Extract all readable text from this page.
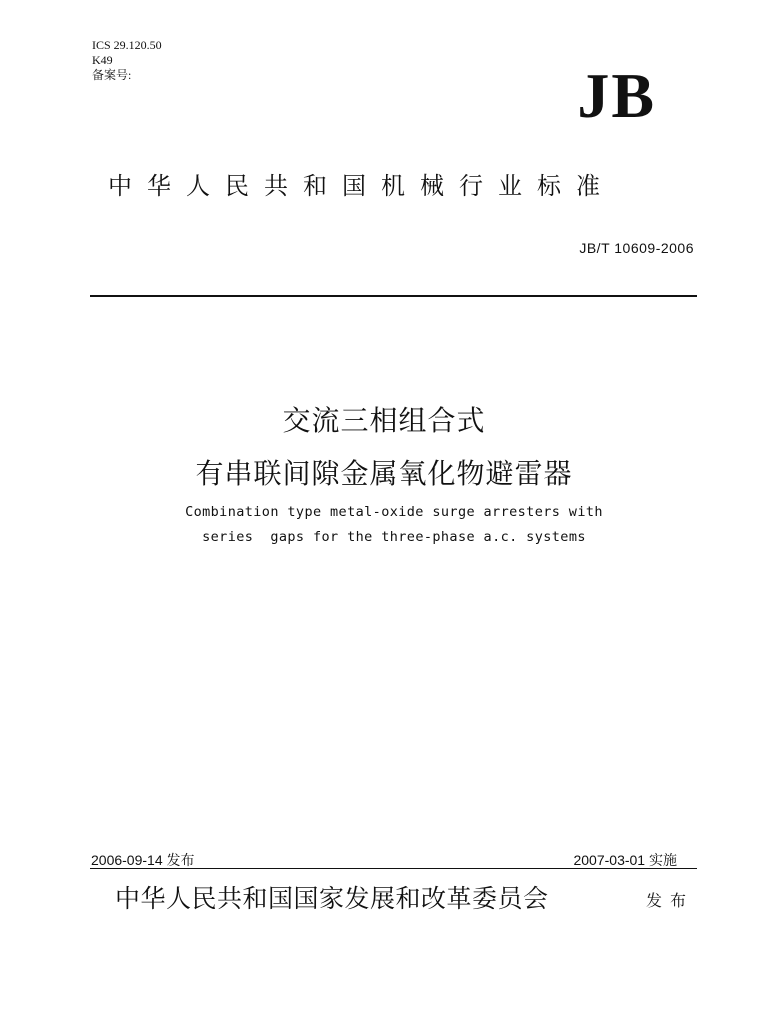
ICS 29.120.50
K49
备案号:	JB
中华人民共和国机械行业标准
JB/T 10609-2006
交流三相组合式
有串联间隙金属氧化物避雷器
Combination type metal-oxide surge arresters with
series  gaps for the three-phase a.c. systems
2006-09-14 发布	2007-03-01 实施
中华人民共和国国家发展和改革委员会	发布
